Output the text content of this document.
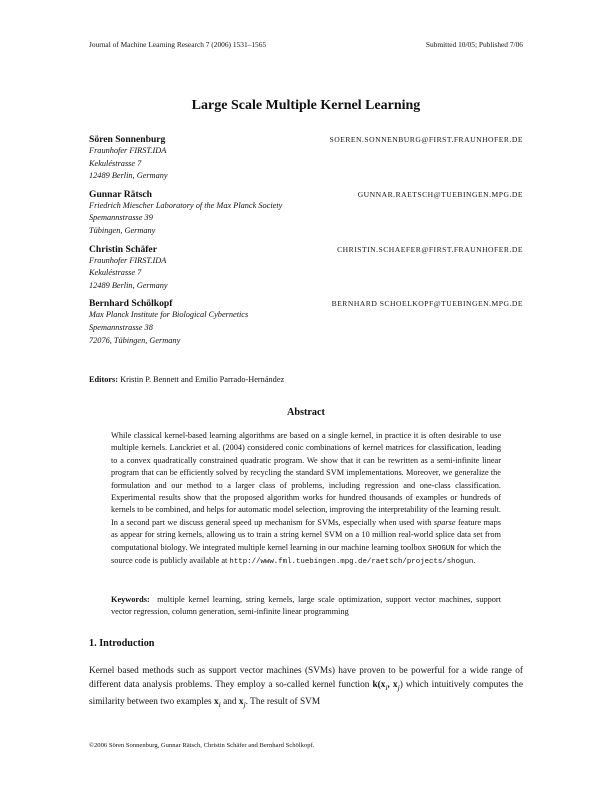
Journal of Machine Learning Research 7 (2006) 1531–1565	Submitted 10/05; Published 7/06
Large Scale Multiple Kernel Learning
Sören Sonnenburg	SOEREN.SONNENBURG@FIRST.FRAUNHOFER.DE
Fraunhofer FIRST.IDA
Kekuléstrasse 7
12489 Berlin, Germany
Gunnar Rätsch	GUNNAR.RAETSCH@TUEBINGEN.MPG.DE
Friedrich Miescher Laboratory of the Max Planck Society
Spemannstrasse 39
Tübingen, Germany
Christin Schäfer	CHRISTIN.SCHAEFER@FIRST.FRAUNHOFER.DE
Fraunhofer FIRST.IDA
Kekuléstrasse 7
12489 Berlin, Germany
Bernhard Schölkopf	BERNHARD SCHOELKOPF@TUEBINGEN.MPG.DE
Max Planck Institute for Biological Cybernetics
Spemannstrasse 38
72076, Tübingen, Germany
Editors: Kristin P. Bennett and Emilio Parrado-Hernández
Abstract
While classical kernel-based learning algorithms are based on a single kernel, in practice it is often desirable to use multiple kernels. Lanckriet et al. (2004) considered conic combinations of kernel matrices for classification, leading to a convex quadratically constrained quadratic program. We show that it can be rewritten as a semi-infinite linear program that can be efficiently solved by recycling the standard SVM implementations. Moreover, we generalize the formulation and our method to a larger class of problems, including regression and one-class classification. Experimental results show that the proposed algorithm works for hundred thousands of examples or hundreds of kernels to be combined, and helps for automatic model selection, improving the interpretability of the learning result. In a second part we discuss general speed up mechanism for SVMs, especially when used with sparse feature maps as appear for string kernels, allowing us to train a string kernel SVM on a 10 million real-world splice data set from computational biology. We integrated multiple kernel learning in our machine learning toolbox SHOGUN for which the source code is publicly available at http://www.fml.tuebingen.mpg.de/raetsch/projects/shogun.
Keywords: multiple kernel learning, string kernels, large scale optimization, support vector machines, support vector regression, column generation, semi-infinite linear programming
1. Introduction
Kernel based methods such as support vector machines (SVMs) have proven to be powerful for a wide range of different data analysis problems. They employ a so-called kernel function $k(x_i$, $x_j$) which intuitively computes the similarity between two examples $x_i$ and $x_j$. The result of SVM
©2006 Sören Sonnenburg, Gunnar Rätsch, Christin Schäfer and Bernhard Schölkopf.
